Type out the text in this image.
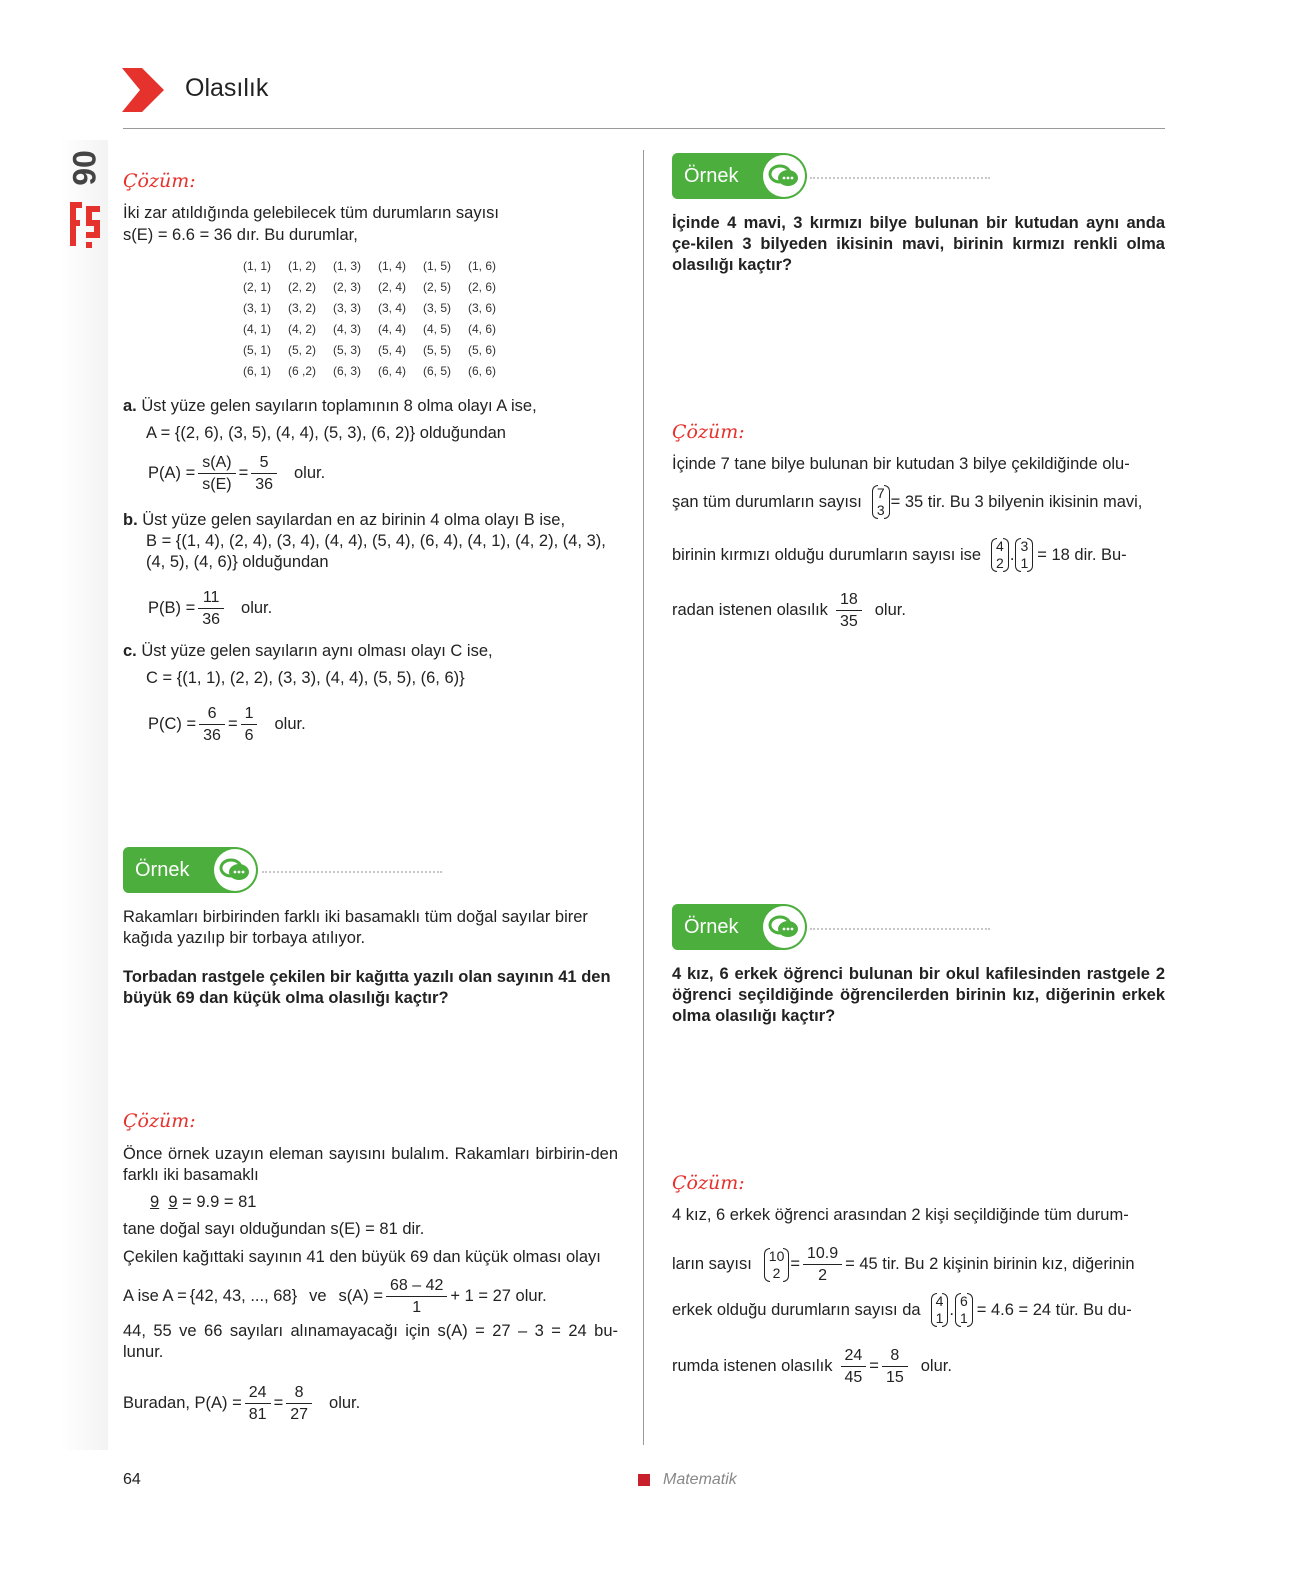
Olasılık
06 Çözüm:

İki zar atıldığında gelebilecek tüm durumların sayısı

s(E) = 6.6 = 36 dır. Bu durumlar,

(1, 1)	(1, 2)	(1, 3)	(1, 4)	(1, 5)	(1, 6)
(2, 1)	(2, 2)	(2, 3)	(2, 4)	(2, 5)	(2, 6)
(3, 1)	(3, 2)	(3, 3)	(3, 4)	(3, 5)	(3, 6)
(4, 1)	(4, 2)	(4, 3)	(4, 4)	(4, 5)	(4, 6)
(5, 1)	(5, 2)	(5, 3)	(5, 4)	(5, 5)	(5, 6)
(6, 1)	(6 ,2)	(6, 3)	(6, 4)	(6, 5)	(6, 6)

a. Üst yüze gelen sayıların toplamının 8 olma olayı A ise,

A = {(2, 6), (3, 5), (4, 4), (5, 3), (6, 2)} olduğundan

$P(A) = \frac{s(A)}{s(E)} = \frac{5}{36}$ olur.

b. Üst yüze gelen sayılardan en az birinin 4 olma olayı B ise,

B = {(1, 4), (2, 4), (3, 4), (4, 4), (5, 4), (6, 4), (4, 1), (4, 2), (4, 3),

(4, 5), (4, 6)} olduğundan

$P(B) = \frac{11}{36}$ olur.

c. Üst yüze gelen sayıların aynı olması olayı C ise,

C = {(1, 1), (2, 2), (3, 3), (4, 4), (5, 5), (6, 6)}

$P(C) = \frac{6}{36} = \frac{1}{6}$ olur.
Örnek

Rakamları birbirinden farklı iki basamaklı tüm doğal sayılar birer kağıda yazılıp bir torbaya atılıyor.

Torbadan rastgele çekilen bir kağıtta yazılı olan sayının 41 den büyük 69 dan küçük olma olasılığı kaçtır?

Çözüm:

Önce örnek uzayın eleman sayısını bulalım. Rakamları birbirin-den farklı iki basamaklı

9 9 = 9.9 = 81

tane doğal sayı olduğundan s(E) = 81 dir.

Çekilen kağıttaki sayının 41 den büyük 69 dan küçük olması olayı

A ise A = {42, 43, ..., 68} ve $s(A) = \frac{68 - 42}{1} + 1 = 27$ olur.

44, 55 ve 66 sayıları alınamayacağı için s(A) = 27 – 3 = 24 bu-lunur.

Buradan, $P(A) = \frac{24}{81} = \frac{8}{27}$ olur.
Örnek

İçinde 4 mavi, 3 kırmızı bilye bulunan bir kutudan aynı anda çe-kilen 3 bilyeden ikisinin mavi, birinin kırmızı renkli olma olasılığı kaçtır?

Çözüm:

İçinde 7 tane bilye bulunan bir kutudan 3 bilye çekildiğinde olu-

şan tüm durumların sayısı 7
3 = 35 tir. Bu 3 bilyenin ikisinin mavi,
birinin kırmızı olduğu durumların sayısı ise 4
2 . 3
1 = 18 dir. Bu-
radan istenen olasılık $\frac{18}{35}$ olur.
Örnek

4 kız, 6 erkek öğrenci bulunan bir okul kafilesinden rastgele 2 öğrenci seçildiğinde öğrencilerden birinin kız, diğerinin erkek olma olasılığı kaçtır?

Çözüm:

4 kız, 6 erkek öğrenci arasından 2 kişi seçildiğinde tüm durum-

ların sayısı 10
$2 = \frac{10.9}{2} = 45$ tir. Bu 2 kişinin birinin kız, diğerinin
erkek olduğu durumların sayısı da 4
1 . 6
1 = 4.6 = 24 tür. Bu du-
rumda istenen olasılık $\frac{24}{45} = \frac{8}{15}$ olur.
64	Matematik
